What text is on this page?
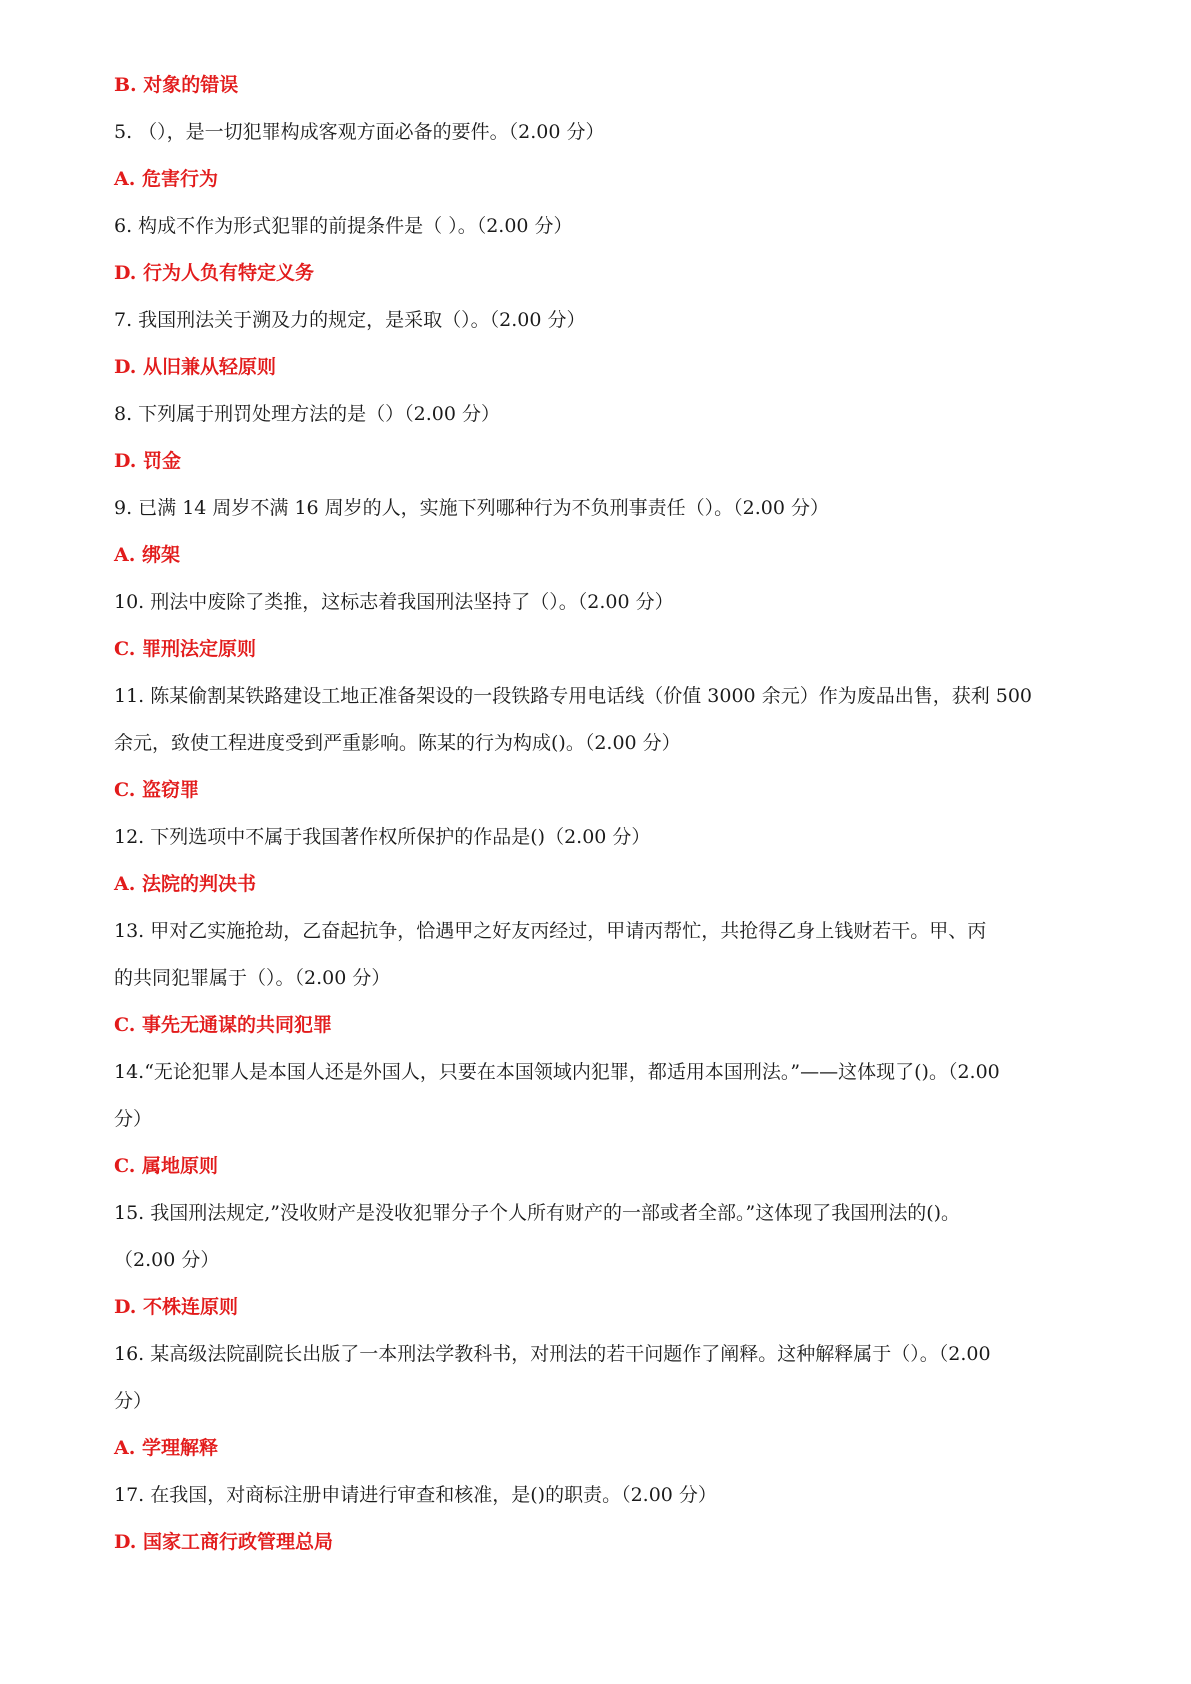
B. 对象的错误
5. （），是一切犯罪构成客观方面必备的要件。（2.00 分）
A. 危害行为
6. 构成不作为形式犯罪的前提条件是（ ）。（2.00 分）
D. 行为人负有特定义务
7. 我国刑法关于溯及力的规定，是采取（）。（2.00 分）
D. 从旧兼从轻原则
8. 下列属于刑罚处理方法的是（）（2.00 分）
D. 罚金
9. 已满 14 周岁不满 16 周岁的人，实施下列哪种行为不负刑事责任（）。（2.00 分）
A. 绑架
10. 刑法中废除了类推，这标志着我国刑法坚持了（）。（2.00 分）
C. 罪刑法定原则
11. 陈某偷割某铁路建设工地正准备架设的一段铁路专用电话线（价值 3000 余元）作为废品出售，获利 500
余元，致使工程进度受到严重影响。陈某的行为构成()。（2.00 分）
C. 盗窃罪
12. 下列选项中不属于我国著作权所保护的作品是()（2.00 分）
A. 法院的判决书
13. 甲对乙实施抢劫，乙奋起抗争，恰遇甲之好友丙经过，甲请丙帮忙，共抢得乙身上钱财若干。甲、丙
的共同犯罪属于（）。（2.00 分）
C. 事先无通谋的共同犯罪
14.“无论犯罪人是本国人还是外国人，只要在本国领域内犯罪，都适用本国刑法。”——这体现了()。（2.00
分）
C. 属地原则
15. 我国刑法规定,”没收财产是没收犯罪分子个人所有财产的一部或者全部。”这体现了我国刑法的()。
（2.00 分）
D. 不株连原则
16. 某高级法院副院长出版了一本刑法学教科书，对刑法的若干问题作了阐释。这种解释属于（）。（2.00
分）
A. 学理解释
17. 在我国，对商标注册申请进行审查和核准，是()的职责。（2.00 分）
D. 国家工商行政管理总局
